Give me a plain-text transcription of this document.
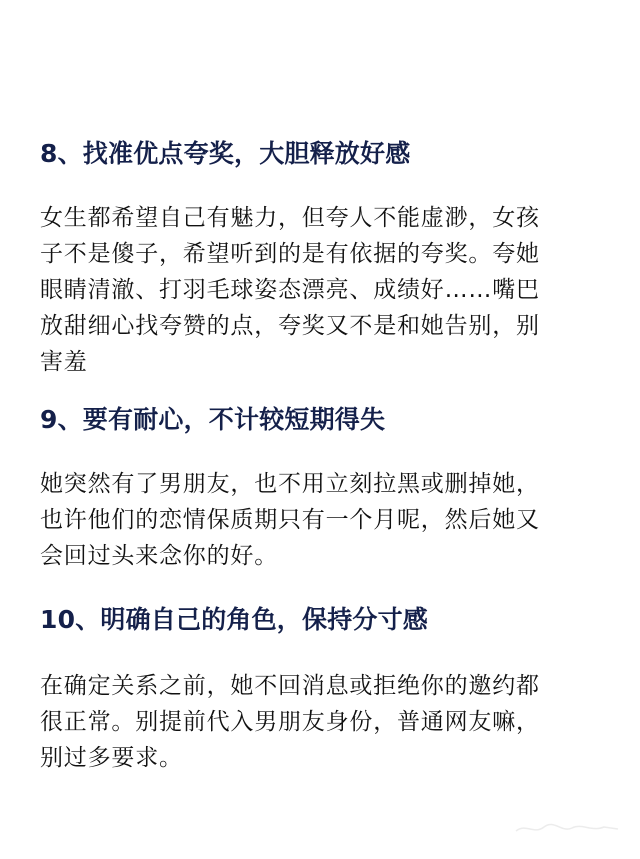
8、找准优点夸奖，大胆释放好感

女生都希望自己有魅力，但夸人不能虚渺，女孩
子不是傻子，希望听到的是有依据的夸奖。夸她
眼睛清澈、打羽毛球姿态漂亮、成绩好……嘴巴
放甜细心找夸赞的点，夸奖又不是和她告别，别
害羞

9、要有耐心，不计较短期得失

她突然有了男朋友，也不用立刻拉黑或删掉她，
也许他们的恋情保质期只有一个月呢，然后她又
会回过头来念你的好。

10、明确自己的角色，保持分寸感

在确定关系之前，她不回消息或拒绝你的邀约都
很正常。别提前代入男朋友身份，普通网友嘛，
别过多要求。
